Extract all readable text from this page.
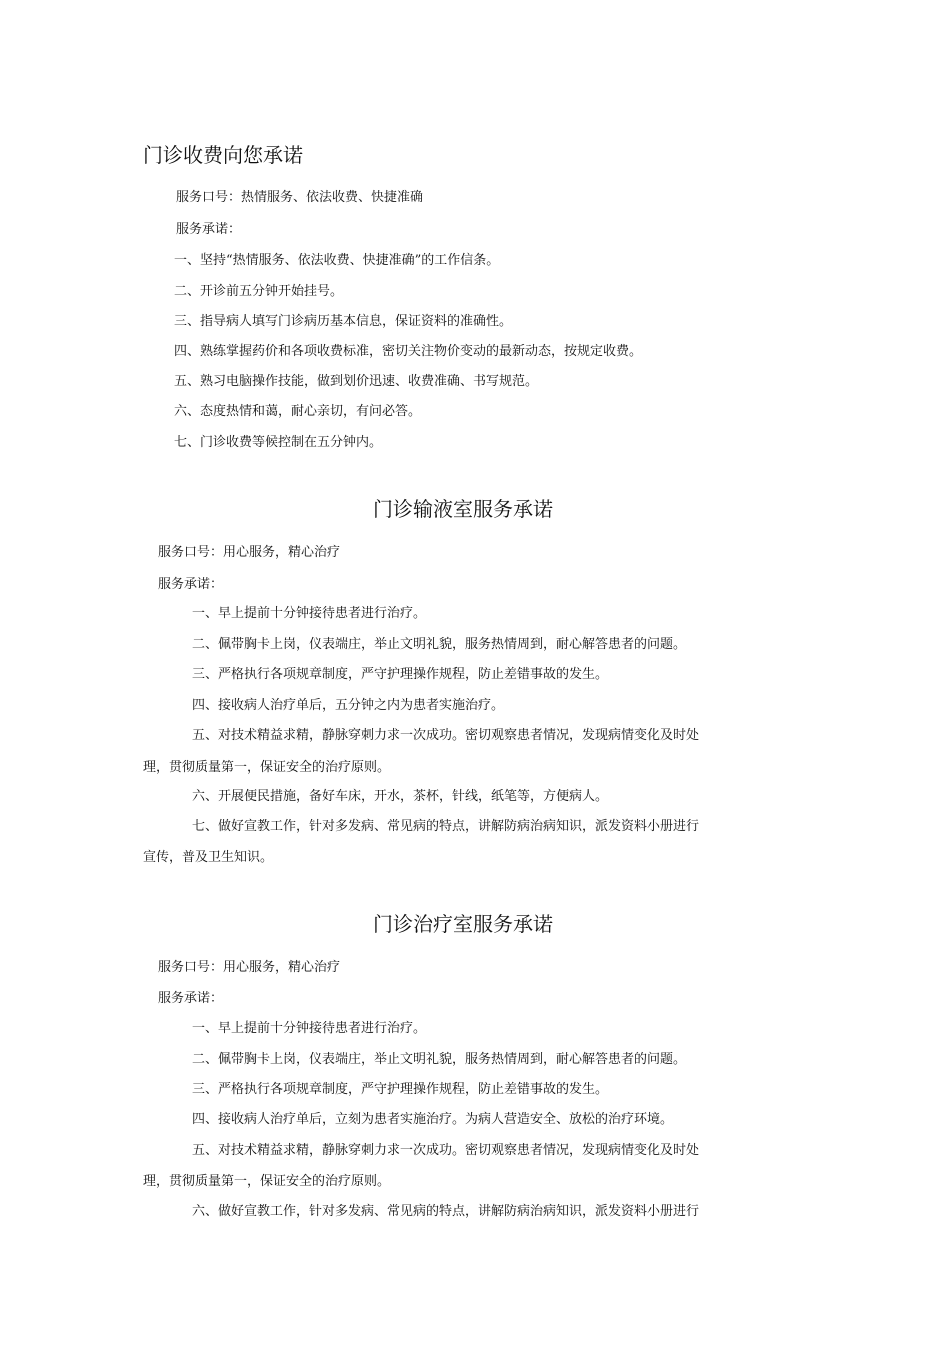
门诊收费向您承诺

服务口号：热情服务、依法收费、快捷准确

服务承诺：

一、坚持“热情服务、依法收费、快捷准确”的工作信条。

二、开诊前五分钟开始挂号。

三、指导病人填写门诊病历基本信息，保证资料的准确性。

四、熟练掌握药价和各项收费标准，密切关注物价变动的最新动态，按规定收费。

五、熟习电脑操作技能，做到划价迅速、收费准确、书写规范。

六、态度热情和蔼，耐心亲切，有问必答。

七、门诊收费等候控制在五分钟内。

门诊输液室服务承诺

服务口号：用心服务，精心治疗

服务承诺：

一、早上提前十分钟接待患者进行治疗。

二、佩带胸卡上岗，仪表端庄，举止文明礼貌，服务热情周到，耐心解答患者的问题。

三、严格执行各项规章制度，严守护理操作规程，防止差错事故的发生。

四、接收病人治疗单后，五分钟之内为患者实施治疗。

五、对技术精益求精，静脉穿刺力求一次成功。密切观察患者情况，发现病情变化及时处

理，贯彻质量第一，保证安全的治疗原则。

六、开展便民措施，备好车床，开水，茶杯，针线，纸笔等，方便病人。

七、做好宣教工作，针对多发病、常见病的特点，讲解防病治病知识，派发资料小册进行

宣传，普及卫生知识。

门诊治疗室服务承诺

服务口号：用心服务，精心治疗

服务承诺：

一、早上提前十分钟接待患者进行治疗。

二、佩带胸卡上岗，仪表端庄，举止文明礼貌，服务热情周到，耐心解答患者的问题。

三、严格执行各项规章制度，严守护理操作规程，防止差错事故的发生。

四、接收病人治疗单后，立刻为患者实施治疗。为病人营造安全、放松的治疗环境。

五、对技术精益求精，静脉穿刺力求一次成功。密切观察患者情况，发现病情变化及时处

理，贯彻质量第一，保证安全的治疗原则。

六、做好宣教工作，针对多发病、常见病的特点，讲解防病治病知识，派发资料小册进行
